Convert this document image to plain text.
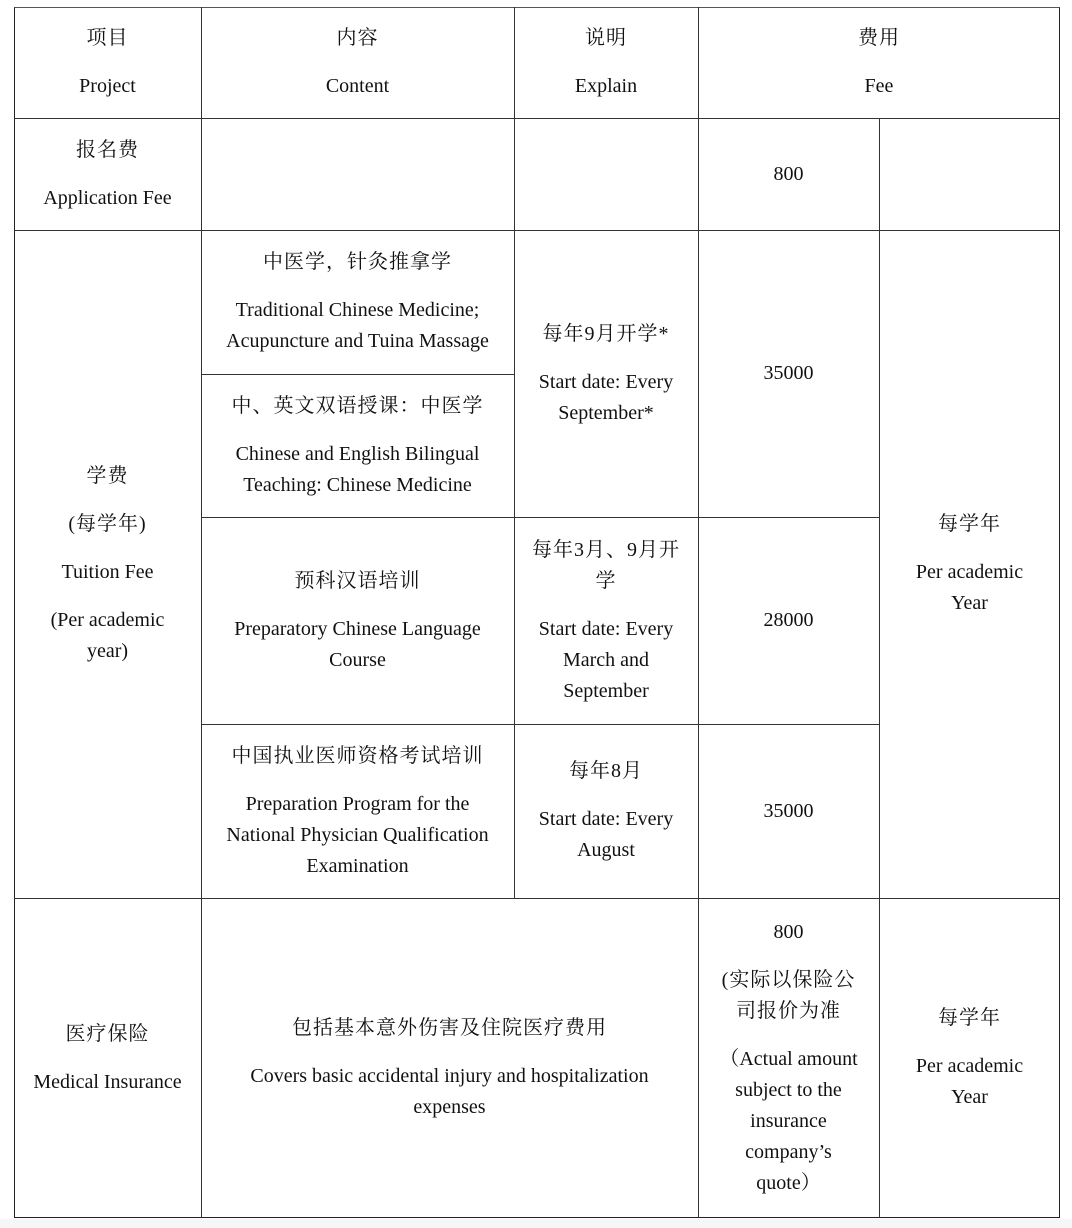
项目

Project

内容

Content

说明

Explain

费用

Fee

报名费

Application Fee

800

学费

(每学年)

Tuition Fee

(Per academic

year)

中医学，针灸推拿学

Traditional Chinese Medicine;

Acupuncture and Tuina Massage

中、英文双语授课：中医学

Chinese and English Bilingual

Teaching: Chinese Medicine

每年9月开学*

Start date: Every

September*

35000

预科汉语培训

Preparatory Chinese Language

Course

每年3月、9月开

学

Start date: Every

March and

September

28000

中国执业医师资格考试培训

Preparation Program for the

National Physician Qualification

Examination

每年8月

Start date: Every

August

35000

每学年

Per academic

Year

医疗保险

Medical Insurance

包括基本意外伤害及住院医疗费用

Covers basic accidental injury and hospitalization

expenses

800

(实际以保险公

司报价为准

（Actual amount

subject to the

insurance

company’s

quote）

每学年

Per academic

Year
